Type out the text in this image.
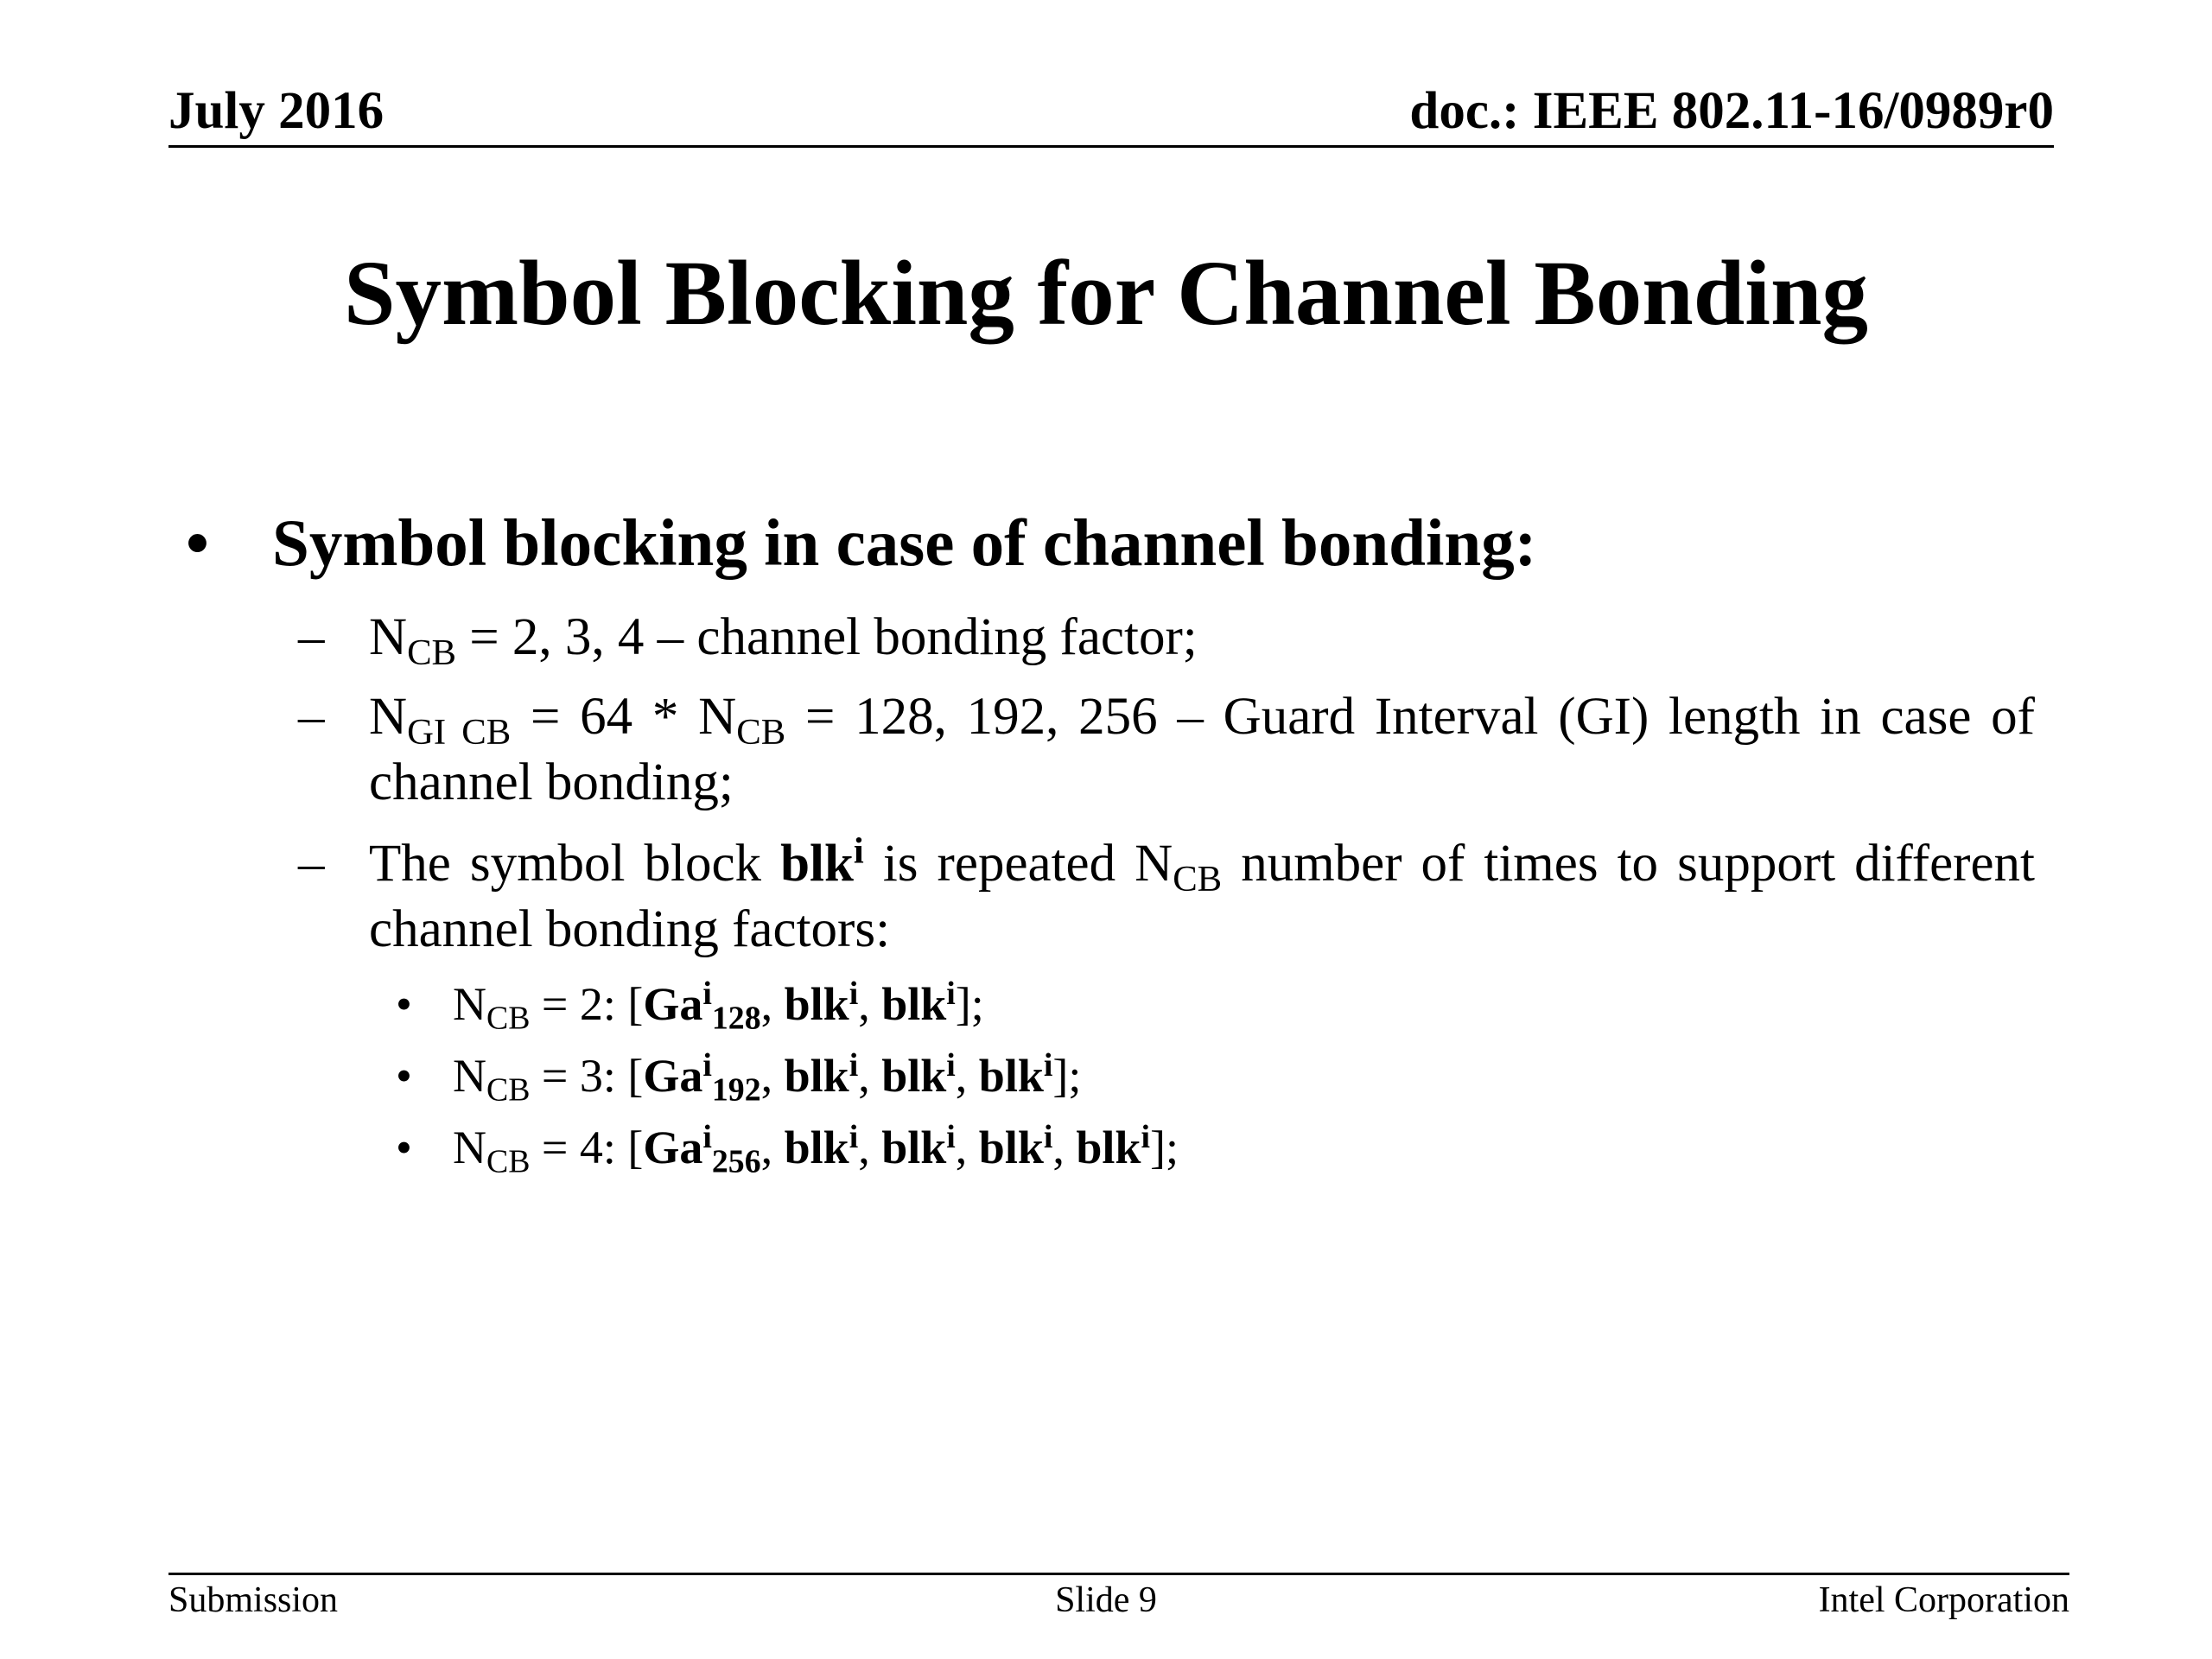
July 2016	doc.: IEEE 802.11-16/0989r0
Symbol Blocking for Channel Bonding
• Symbol blocking in case of channel bonding:
– $N_{CB} = 2$, 3, 4 – channel bonding factor;
– $N_{GI CB} = 64 * N_{CB} = 128$, 192, 256 – Guard Interval (GI) length in case of channel bonding;
– The symbol block blk$^i$ is repeated $N_{CB}$ number of times to support different channel bonding factors:
• $N_{CB} = 2$: [$Ga^i_{128}$, blk$^i$, blk$^i$];
• $N_{CB} = 3$: [$Ga^i_{192}$, blk$^i$, blk$^i$, blk$^i$];
• $N_{CB} = 4$: [$Ga^i_{256}$, blk$^i$, blk$^i$, blk$^i$, blk$^i$];
Submission	Slide 9	Intel Corporation
